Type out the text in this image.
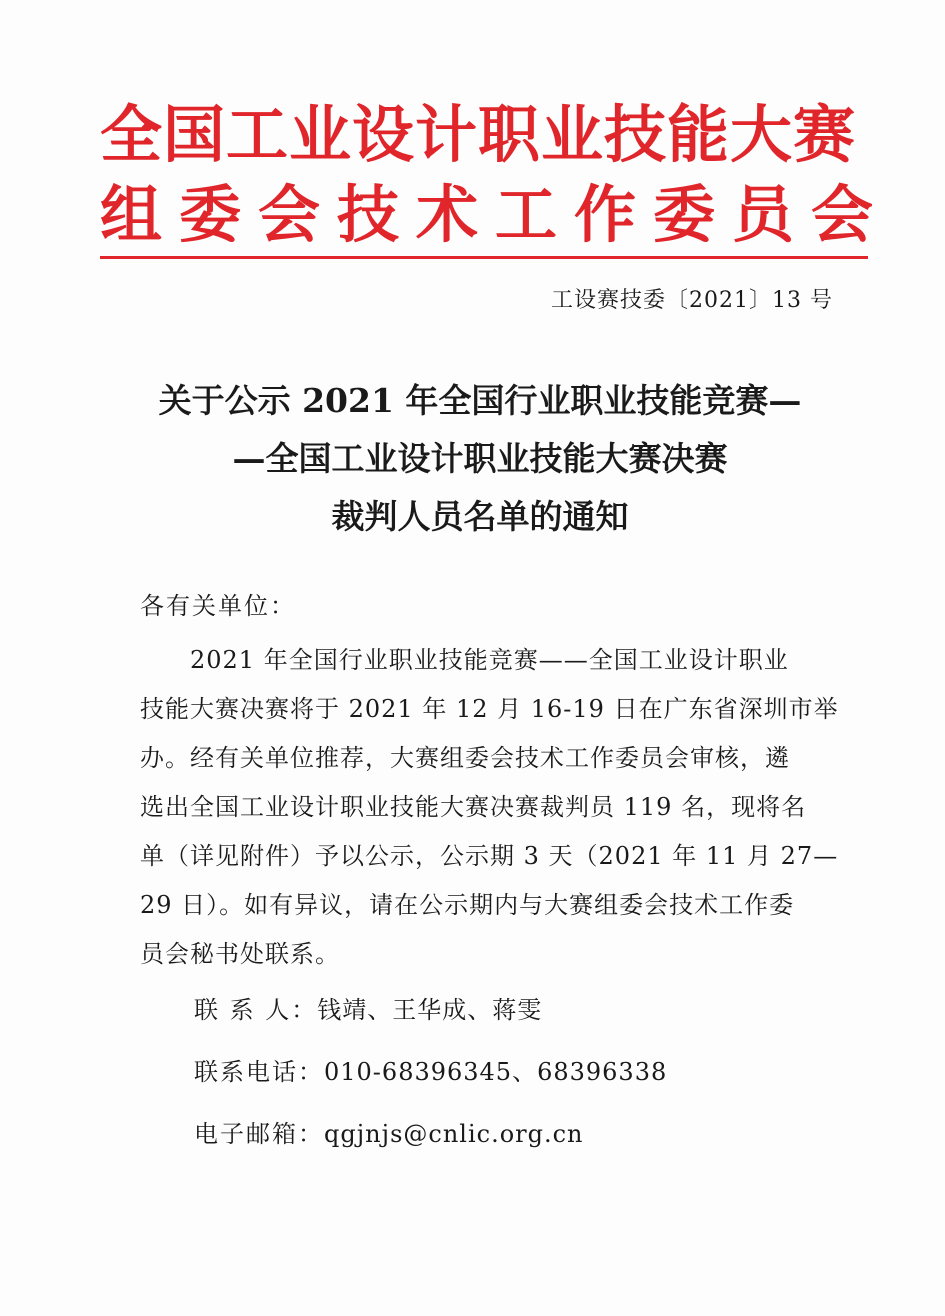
全国工业设计职业技能大赛
组委会技术工作委员会
工设赛技委〔2021〕13 号
关于公示 2021 年全国行业职业技能竞赛—
—全国工业设计职业技能大赛决赛
裁判人员名单的通知
各有关单位：
2021 年全国行业职业技能竞赛——全国工业设计职业
技能大赛决赛将于 2021 年 12 月 16-19 日在广东省深圳市举
办。经有关单位推荐，大赛组委会技术工作委员会审核，遴
选出全国工业设计职业技能大赛决赛裁判员 119 名，现将名
单（详见附件）予以公示，公示期 3 天（2021 年 11 月 27—
29 日）。如有异议，请在公示期内与大赛组委会技术工作委
员会秘书处联系。
联 系 人：钱靖、王华成、蒋雯
联系电话：010-68396345、68396338
电子邮箱：qgjnjs@cnlic.org.cn
